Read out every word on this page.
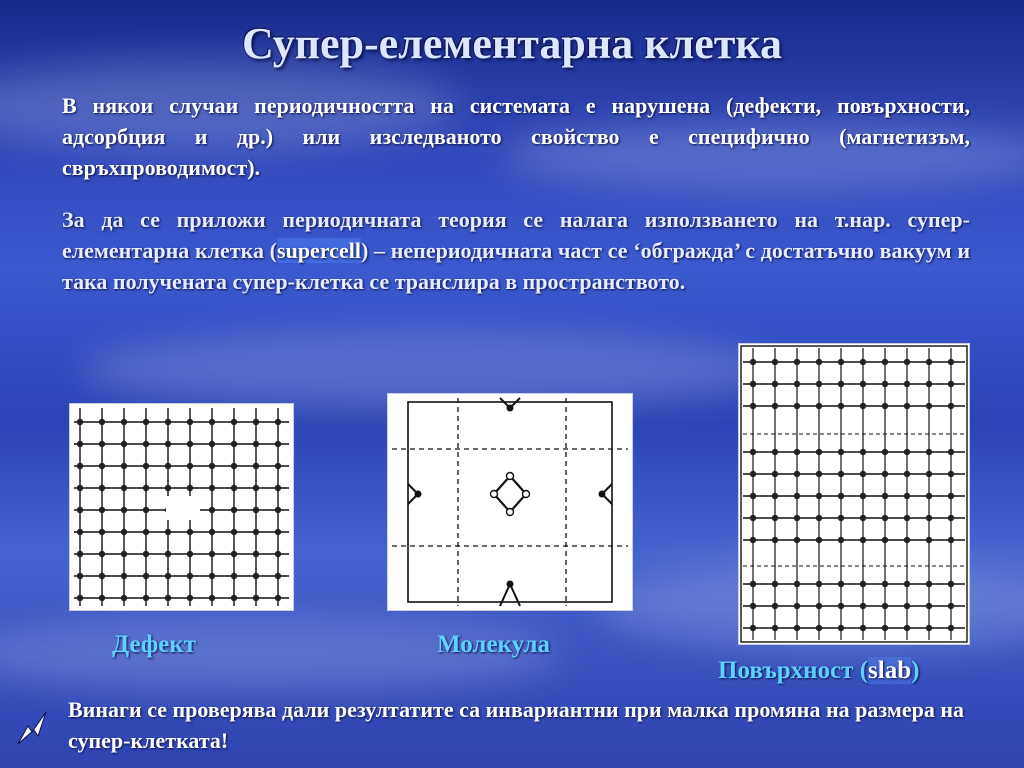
Супер-елементарна клетка
В някои случаи периодичността на системата е нарушена (дефекти, повърхности, адсорбция и др.) или изследваното свойство е специфично (магнетизъм, свръхпроводимост).
За да се приложи периодичната теория се налага използването на т.нар. супер-елементарна клетка (supercell) – непериодичната част се ‘обгражда’ с достатъчно вакуум и така получената супер-клетка се транслира в пространството.
Дефект	Молекула
Повърхност (slab)
Винаги се проверява дали резултатите са инвариантни при малка промяна на размера на супер-клетката!
